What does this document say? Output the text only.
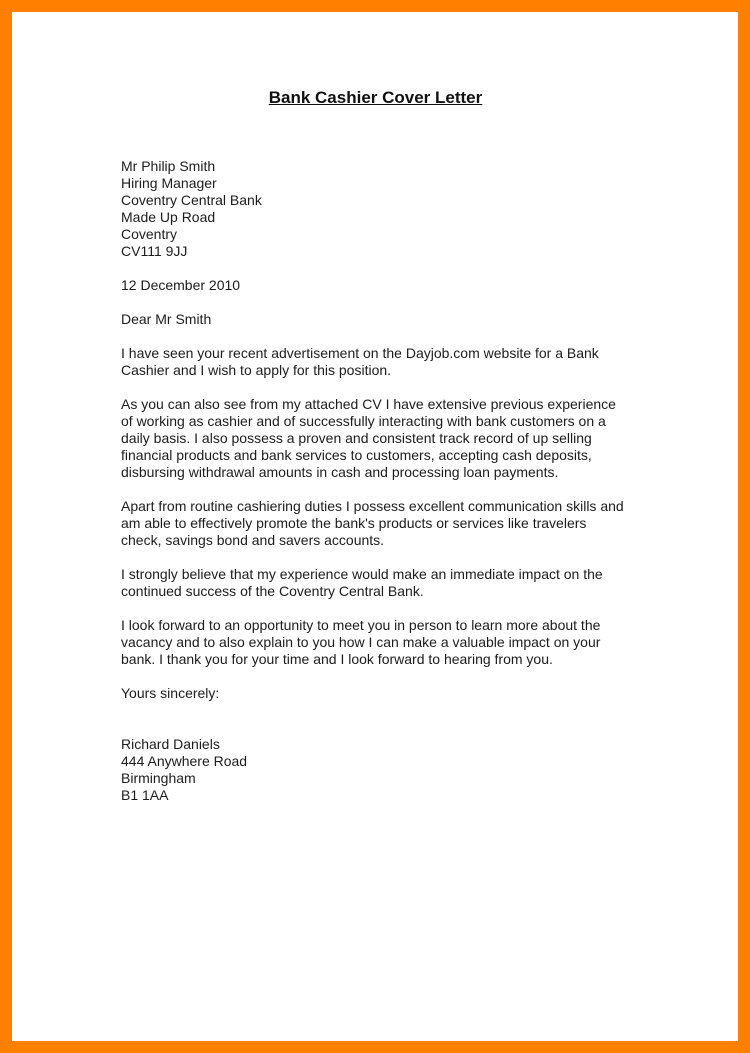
Bank Cashier Cover Letter
Mr Philip Smith
Hiring Manager
Coventry Central Bank
Made Up Road
Coventry
CV111 9JJ
12 December 2010
Dear Mr Smith

I have seen your recent advertisement on the Dayjob.com website for a Bank Cashier and I wish to apply for this position.

As you can also see from my attached CV I have extensive previous experience of working as cashier and of successfully interacting with bank customers on a daily basis. I also possess a proven and consistent track record of up selling financial products and bank services to customers, accepting cash deposits, disbursing withdrawal amounts in cash and processing loan payments.

Apart from routine cashiering duties I possess excellent communication skills and am able to effectively promote the bank's products or services like travelers check, savings bond and savers accounts.

I strongly believe that my experience would make an immediate impact on the continued success of the Coventry Central Bank.

I look forward to an opportunity to meet you in person to learn more about the vacancy and to also explain to you how I can make a valuable impact on your bank. I thank you for your time and I look forward to hearing from you.

Yours sincerely:
Richard Daniels
444 Anywhere Road
Birmingham
B1 1AA
